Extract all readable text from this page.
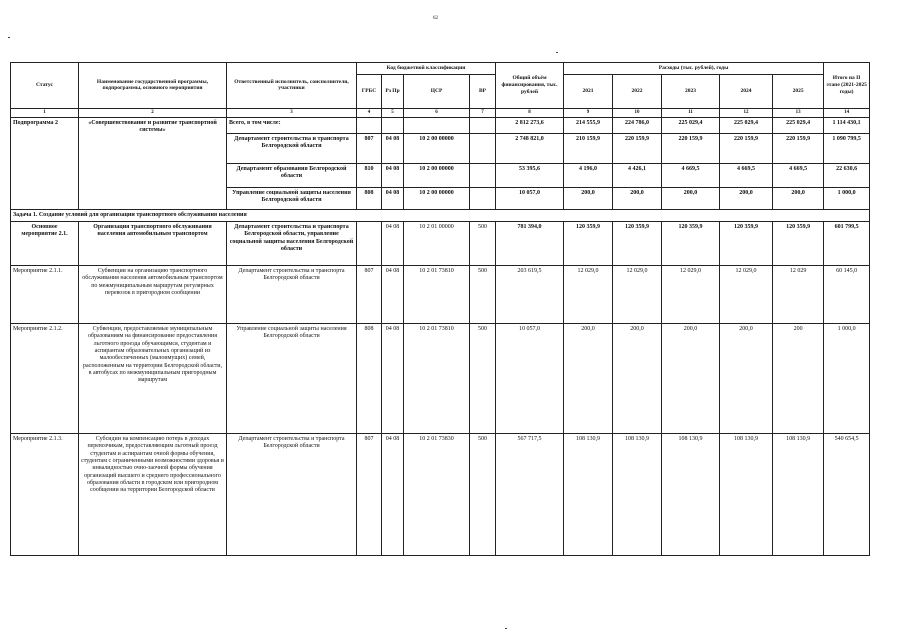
62
Статус	Наименование государственной программы, подпрограммы, основного мероприятия	Ответственный исполнитель, соисполнители, участники	Код бюджетной классификации				Общий объём финансирования, тыс. рублей	Расходы (тыс. рублей), годы					Итого на II этапе (2021-2025 годы)
			ГРБС	Рз Пр	ЦСР	ВР		2021	2022	2023	2024	2025	
1	2	3	4	5	6	7	8	9	10	11	12	13	14
Подпрограмма 2	«Совершенствование и развитие транспортной системы»	Всего, в том числе:					2 812 273,6	214 555,9	224 786,0	225 029,4	225 029,4	225 029,4	1 114 430,1
		Департамент строительства и транспорта Белгородской области	807	04 08	10 2 00 00000		2 748 821,0	210 159,9	220 159,9	220 159,9	220 159,9	220 159,9	1 090 799,5
		Департамент образования Белгородской области	810	04 08	10 2 00 00000		53 395,6	4 196,0	4 426,1	4 669,5	4 669,5	4 669,5	22 630,6
		Управление социальной защиты населения Белгородской области	808	04 08	10 2 00 00000		10 057,0	200,0	200,0	200,0	200,0	200,0	1 000,0
Задача 1. Создание условий для организации транспортного обслуживания населения													
Основное мероприятие 2.1.	Организация транспортного обслуживания населения автомобильным транспортом	Департамент строительства и транспорта Белгородской области, управление социальной защиты населения Белгородской области		04 08	10 2 01 00000	500	781 394,0	120 359,9	120 359,9	120 359,9	120 359,9	120 359,9	601 799,5
Мероприятие 2.1.1.	Субвенции на организацию транспортного обслуживания населения автомобильным транспортом по межмуниципальным маршрутам регулярных перевозок в пригородном сообщении	Департамент строительства и транспорта Белгородской области	807	04 08	10 2 01 73810	500	203 619,5	12 029,0	12 029,0	12 029,0	12 029,0	12 029	60 145,0
Мероприятие 2.1.2.	Субвенции, предоставляемые муниципальным образованиям на финансирование предоставления льготного проезда обучающимся, студентам и аспирантам образовательных организаций из малообеспеченных (малоимущих) семей, расположенным на территории Белгородской области, в автобусах по межмуниципальным пригородным маршрутам	Управление социальной защиты населения Белгородской области	808	04 08	10 2 01 73810	500	10 057,0	200,0	200,0	200,0	200,0	200	1 000,0
Мероприятие 2.1.3.	Субсидии на компенсацию потерь в доходах перевозчикам, предоставляющим льготный проезд студентам и аспирантам очной формы обучения, студентам с ограниченными возможностями здоровья и инвалидностью очно-заочной формы обучения организаций высшего и среднего профессионального образования области в городском или пригородном сообщении на территории Белгородской области	Департамент строительства и транспорта Белгородской области	807	04 08	10 2 01 73830	500	567 717,5	108 130,9	108 130,9	108 130,9	108 130,9	108 130,9	540 654,5
